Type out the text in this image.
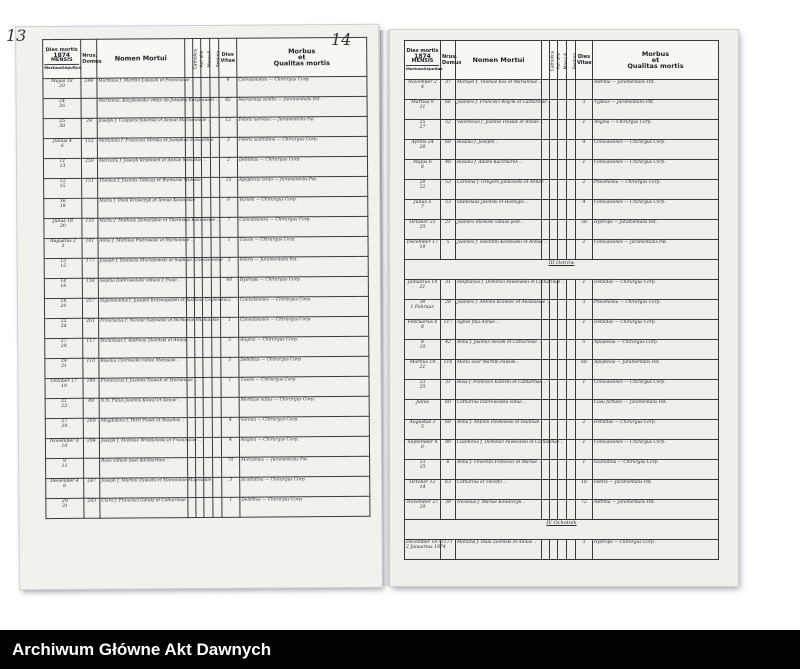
Dies mortis
1874
MENSIS
Mortuus Sepultus	Nrus. Domus	Nomen Mortui	Catholica	Aut alia	Masculi	Femina	Dies Vitae	Morbus
et
Qualitas mortis
Majus 18
20	244	Martinus f. Martini Łukasik et Franciscae ..					4	Convulsiones — Chirurgus Corp.
24
26		Marianna, Kozykowska vidua ab Josepho Kozykowski ..					82	Marasmus senilis — Juramentalis Pat.
25
30	24	Joseph f. Casparis Sikorski et Annae Malinowskie ..					12	Febris nervosa — Juramentalis Pat.
Junius 4
6	153	Marianna f. Francisci Mirska et Josephae Zawadzkie					3	Febris scarlatina — Chirurgus Corp.
11
13	250	Marcella f. Joseph Krzemień et Annae Sobotkie ..					2	Debilitas — Chirurgus Corp.
12
15	151	Thomas f. Joannis Tobiasz et Barbarae Wolskie					15	Apoplexia lenta — Juramentalis Pat.
16
18		Maria f. Pauli Krawczyk et Annae Kowalskie					6	Variola — Chirurgus Corp.
Julius 18
20	155	Marta f. Mathiae Domańskie et Theresiae Łukomskie ..					7	Convulsiones — Chirurgus Corp.
Augustus 2
3	181	Anna f. Mathiae Piotrowski et Mariannae ..					1	Tussis — Chirurgus Corp.
13
15	177	Joseph f. Stanislai Michałowski et Sophiae Krzeszewskie					3	Febris — Juramentalis Pat.
14
16	158	Sophia Dobrowolska viduae f. Pauli ..					60	Hydrops — Chirurgus Corp.
18
20	257	Sigismundus f. Josephi Krasnopolski et Justinae Cegielskie					2	Convulsiones — Chirurgus Corp.
22
24	261	Franciscus f. Nicolai Sadowski et Barbarae Michalskie					1	Convulsiones — Chirurgus Corp.
27
29	117	Stanislaus f. Andreae Zieliński et Annae ..					5	Angina — Chirurgus Corp.
29
31	110	Rosalia Czarnecka natae Matusiak ..					5	Debilitas — Chirurgus Corp.
October 17
19	180	Franciscus f. Joannis Nowak et Mariannae ..					1	Tussis — Chirurgus Corp.
21
23	89	N.N. Filius Joannis Kowal et Annae ..						Mortuus natus — Chirurgus Corp.
27
29	269	Magdalena f. Petri Pasek et Rosaliae ..					4	Variola — Chirurgus Corp.
November 8
10	284	Joseph f. Mathiae Wróblewski et Franciscae ..					4	Angina — Chirurgus Corp.
9
11		Rosa viduae post Adalbertum ..					70	Marasmus — Juramentalis Pat.
December 4
6	247	Joseph f. Martini Zawada et Mariannae Majewskie					3	Scarlatina — Chirurgus Corp.
29
31	243	Clara f. Francisci Górski et Catharinae ..					1	Debilitas — Chirurgus Corp.
13
Dies mortis
1874
MENSIS
Mortuus Sepultus	Nrus. Domus	Nomen Mortui	Catholica	Aut alia	Masculi	Femina	Dies Vitae	Morbus
et
Qualitas mortis
November 2
4	37	Michael f. Thomae Kos et Mariannae ..						Asthma — Juramentalis Pat.
Martius 9
11	66	Joannes f. Francisci Wójcik et Catharinae ..					3	Typhus — Juramentalis Pat.
25
27	52	Valentinus f. Joannis Pawlak et Annae ..					1	Angina — Chirurgus Corp.
Aprilis 24
26	60	Rosalia f. Josephi ..					4	Convulsiones — Chirurgus Corp.
Majus 6
8	48	Rosalia f. Adami Kaczmarek ..					1	Convulsiones — Chirurgus Corp.
20
22	53	Carolina f. Gregorii Jankowski et Annae ..					2	Pneumonia — Chirurgus Corp.
Julius 5
7	53	Stanislaus Jasiński et Hedvigis ..					4	Convulsiones — Chirurgus Corp.
October 23
25	21	Joannes Ilkowski viduus post ..					58	Hydrops — Juramentalis Pat.
December 17
19	5	Joannes f. Valentini Kozłowski et Annae ..					2	Convulsiones — Juramentalis Pat.
III Ostrów								
Januarius 19
21	31	Stephanus f. Dominici Pawłowski et Catharinae ..					1	Debilitas — Chirurgus Corp.
30
1 Februar.	28	Joannes f. Antonii Krawiec et Anastasiae ..					3	Pneumonia — Chirurgus Corp.
Februarius 6
8	117	Agnes filia Annae ..					1	Debilitas — Chirurgus Corp.
8
10	42	Anna f. Joannis Słowik et Catharinae ..					5	Apoplexia — Chirurgus Corp.
Martius 19
21	116	Maria uxor Martini Pawlak ..					68	Apoplexia — Juramentalis Pat.
23
25	31	Rosa f. Francisci Kotecki et Catharinae ..					1	Convulsiones — Chirurgus Corp.
Julius	60	Catharina Dobrowolska vidua ..						Casu fortuito — Juramentalis Pat.
Augustus 3
5	60	Anna f. Antonii Pawłowski et Paulinae ..					2	Debilitas — Chirurgus Corp.
September 4
6	89	Casimirus f. Dominici Pawłowski et Catharinae ..					1	Convulsiones — Chirurgus Corp.
13
15	6	Anna f. Vincentii Francisci et Mariae ..					1	Scarlatina — Chirurgus Corp.
October 12
14	63	Catharina et Theofili ..					18	Febris — Juramentalis Pat.
November 27
29	39	Nicolaus f. Mariae Kowalczyk ..					72	Asthma — Juramentalis Pat.
IV Ochotnik								
December 1873
2 Januarius 1874	173	Mariana f. Pauli Zieliński et Annae ..					3	Hydrops — Chirurgus Corp.
14
Archiwum Główne Akt Dawnych
